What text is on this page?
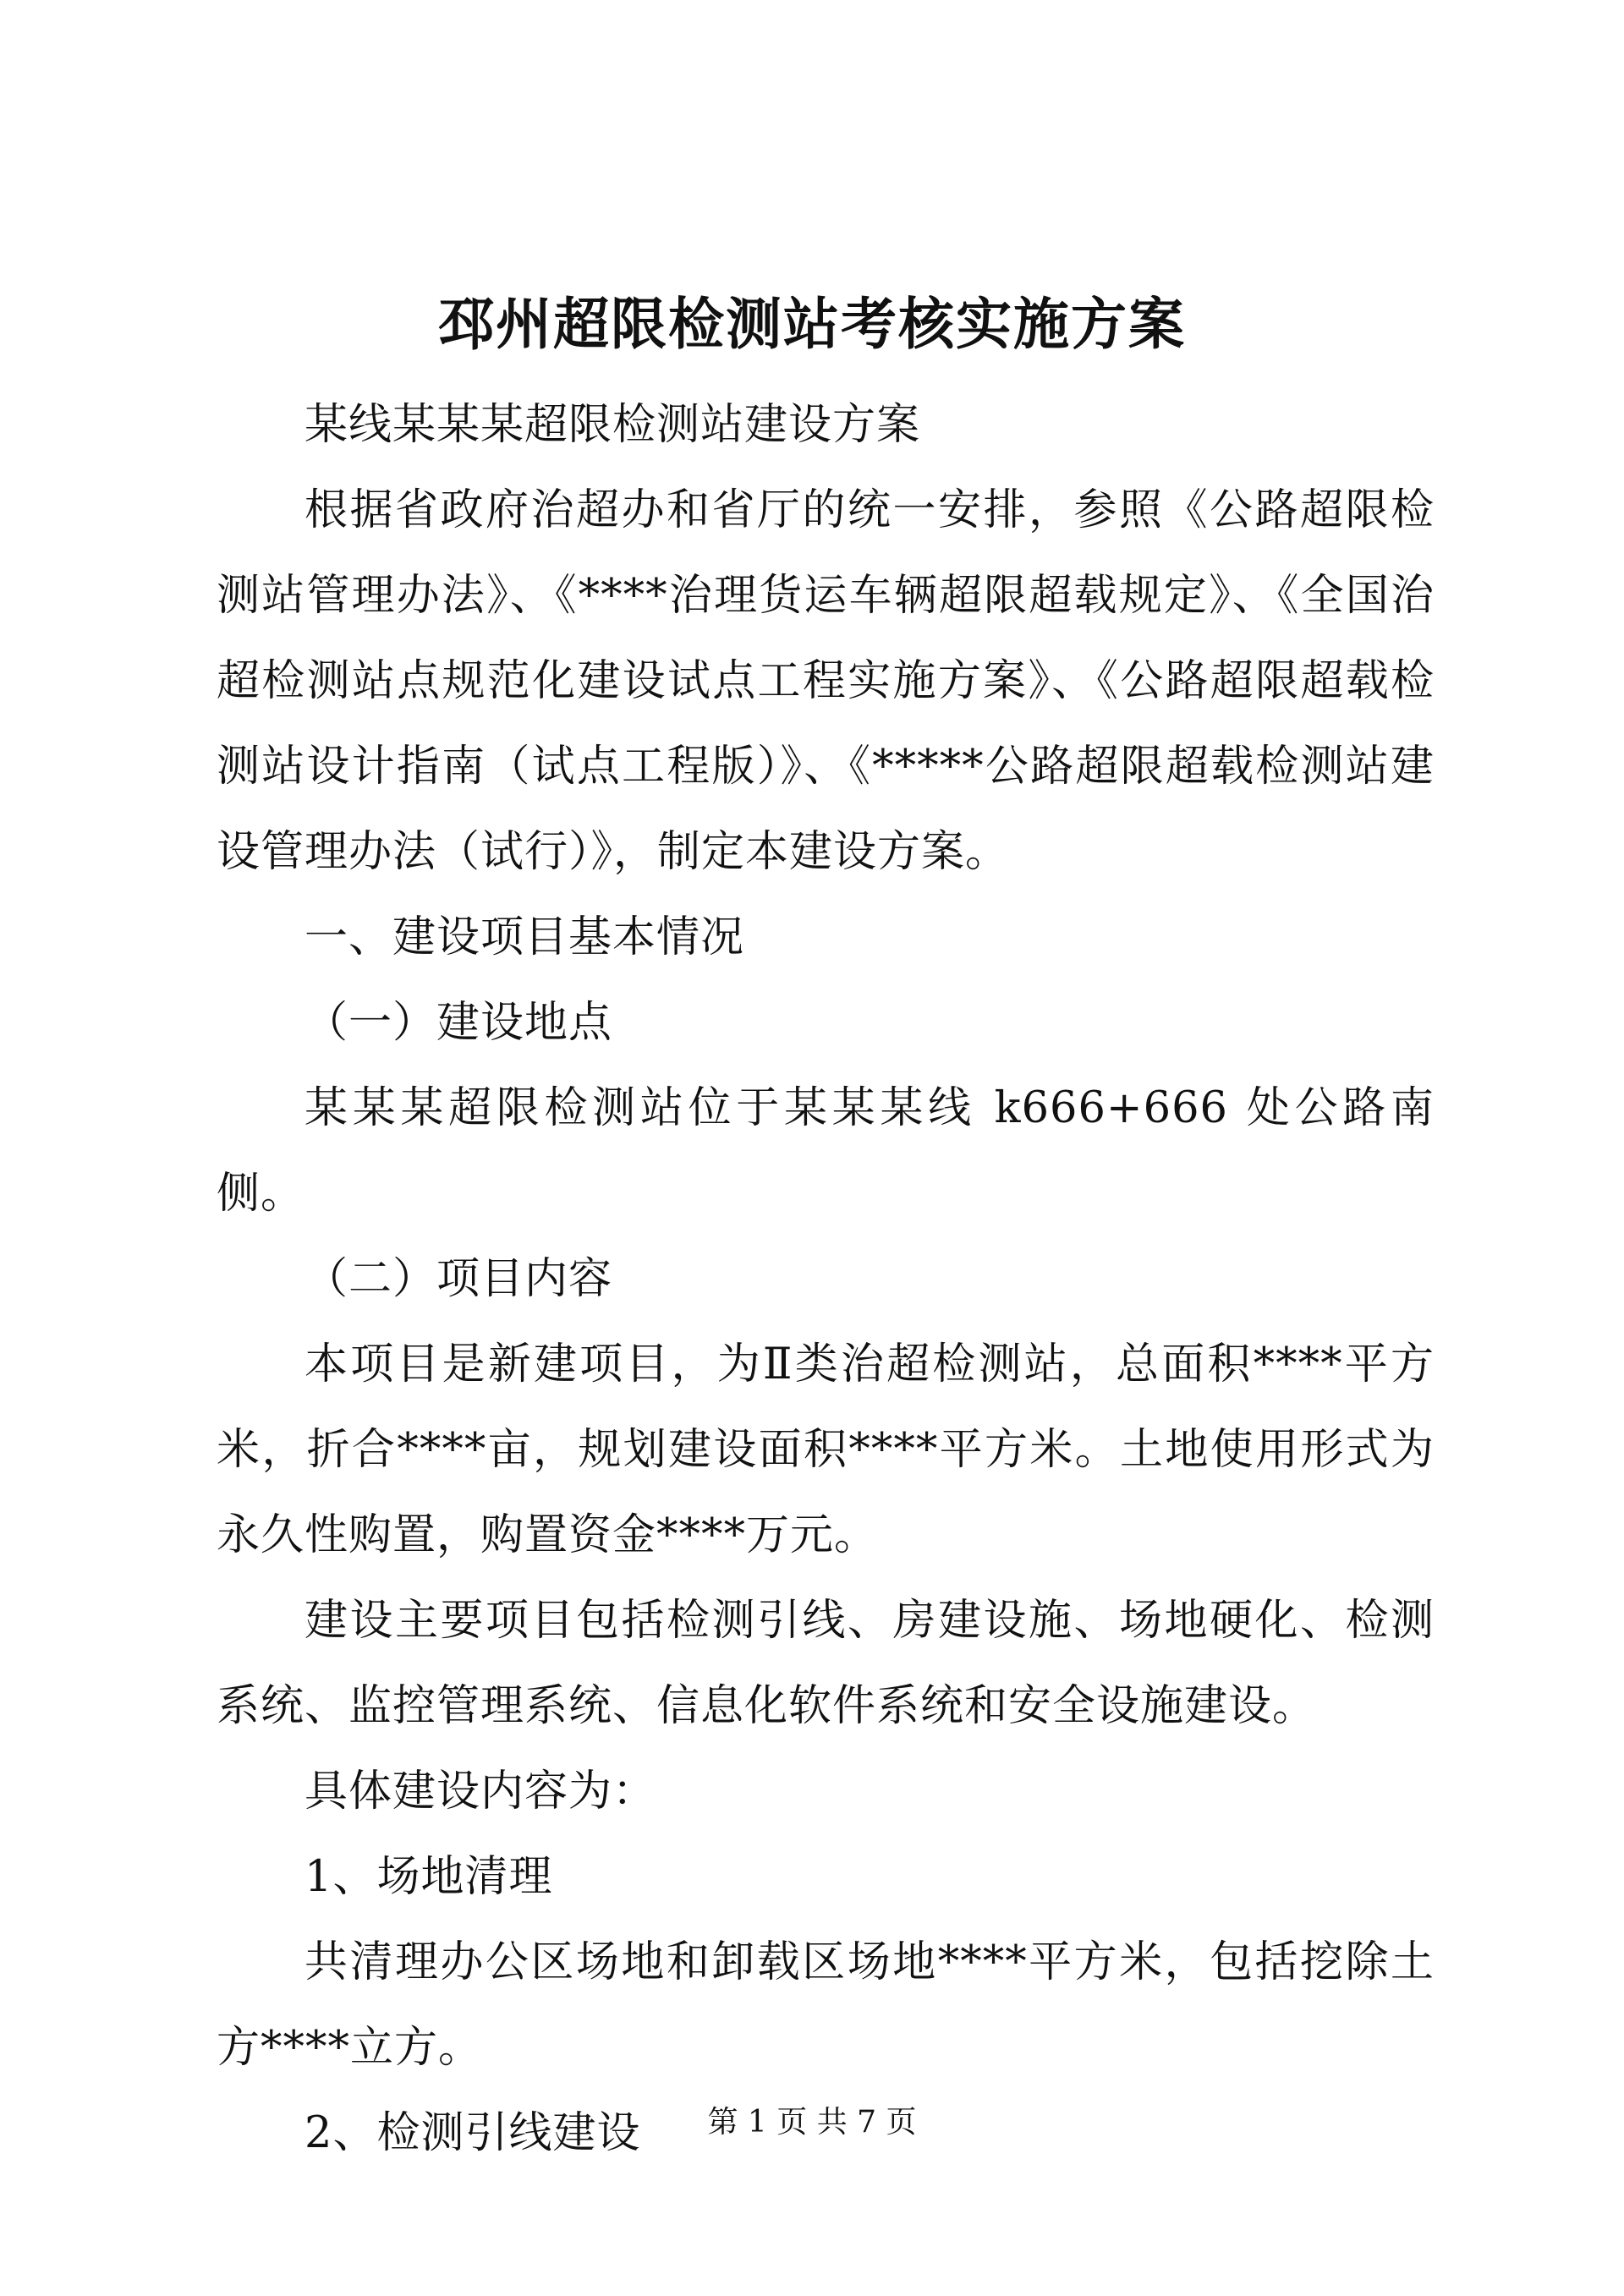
邳州超限检测站考核实施方案

某线某某某超限检测站建设方案

根据省政府治超办和省厅的统一安排，参照《公路超限检测站管理办法》、《****治理货运车辆超限超载规定》、《全国治超检测站点规范化建设试点工程实施方案》、《公路超限超载检测站设计指南（试点工程版）》、《*****公路超限超载检测站建设管理办法（试行）》，制定本建设方案。

一、建设项目基本情况

（一）建设地点

某某某超限检测站位于某某某线 k666+666 处公路南侧。

（二）项目内容

本项目是新建项目，为Ⅱ类治超检测站，总面积****平方米，折合****亩，规划建设面积****平方米。土地使用形式为永久性购置，购置资金****万元。

建设主要项目包括检测引线、房建设施、场地硬化、检测系统、监控管理系统、信息化软件系统和安全设施建设。

具体建设内容为：

1、场地清理

共清理办公区场地和卸载区场地****平方米，包括挖除土方****立方。

2、检测引线建设	第 1 页 共 7 页
